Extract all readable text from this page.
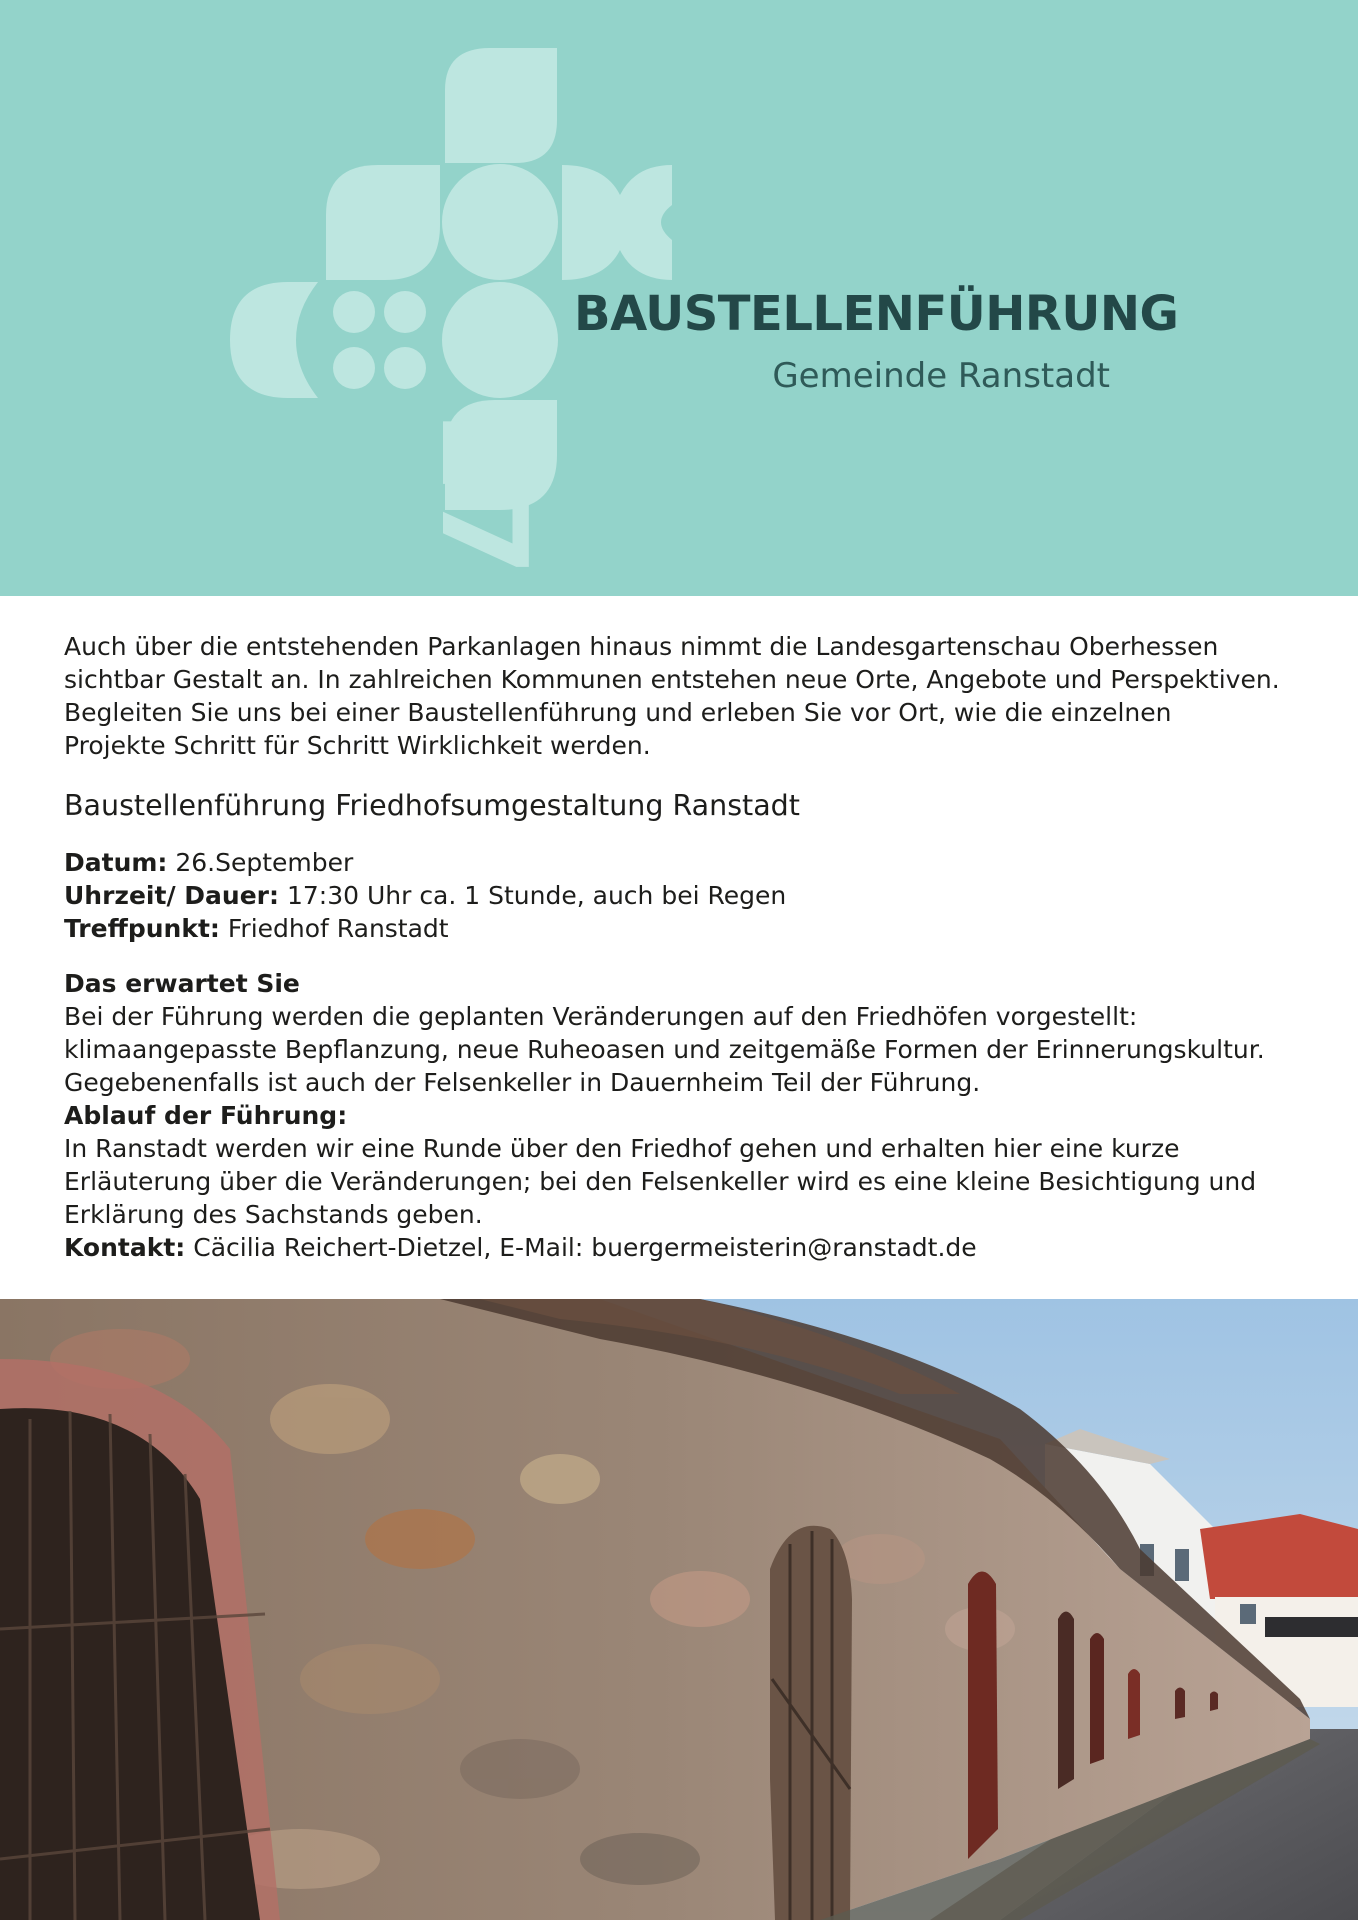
27
BAUSTELLENFÜHRUNG
Gemeinde Ranstadt

Auch über die entstehenden Parkanlagen hinaus nimmt die Landesgartenschau Oberhessen
sichtbar Gestalt an. In zahlreichen Kommunen entstehen neue Orte, Angebote und Perspektiven.
Begleiten Sie uns bei einer Baustellenführung und erleben Sie vor Ort, wie die einzelnen
Projekte Schritt für Schritt Wirklichkeit werden.

Baustellenführung Friedhofsumgestaltung Ranstadt
Datum: 26.September
Uhrzeit/ Dauer: 17:30 Uhr ca. 1 Stunde, auch bei Regen
Treffpunkt: Friedhof Ranstadt
Das erwartet Sie
Bei der Führung werden die geplanten Veränderungen auf den Friedhöfen vorgestellt:
klimaangepasste Bepflanzung, neue Ruheoasen und zeitgemäße Formen der Erinnerungskultur.
Gegebenenfalls ist auch der Felsenkeller in Dauernheim Teil der Führung.
Ablauf der Führung:
In Ranstadt werden wir eine Runde über den Friedhof gehen und erhalten hier eine kurze
Erläuterung über die Veränderungen; bei den Felsenkeller wird es eine kleine Besichtigung und
Erklärung des Sachstands geben.
Kontakt: Cäcilia Reichert-Dietzel, E-Mail: buergermeisterin@ranstadt.de
